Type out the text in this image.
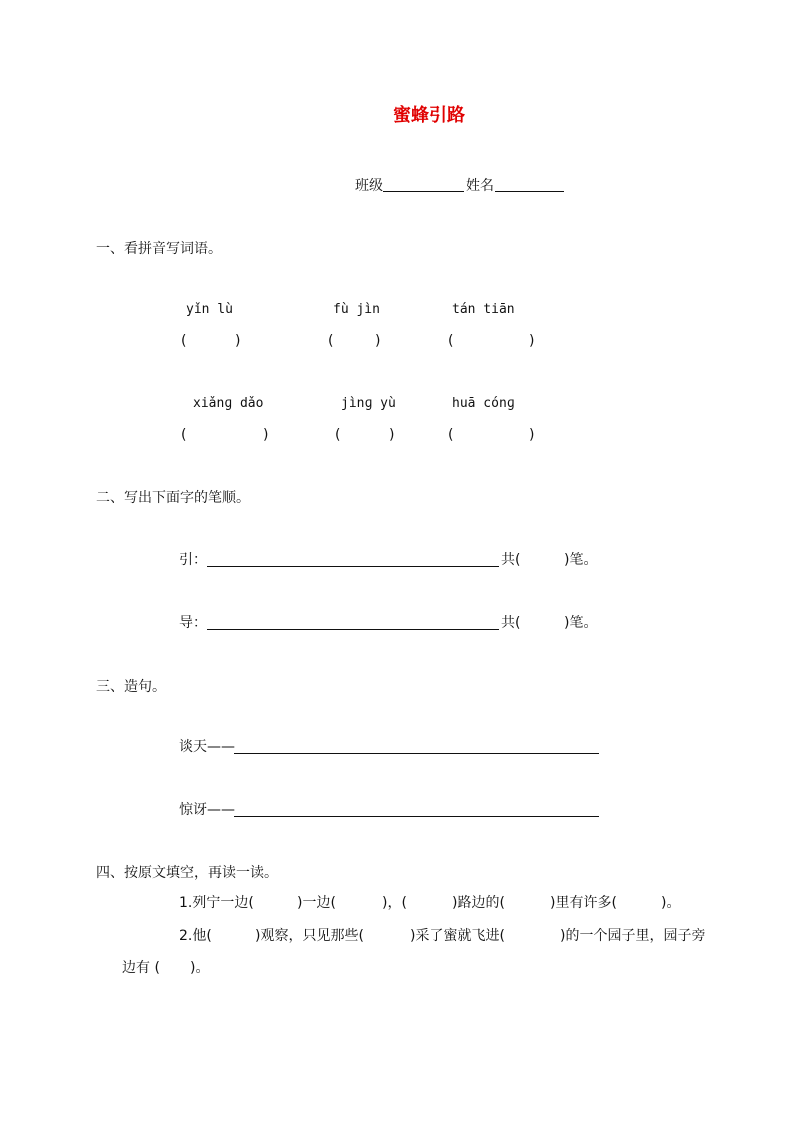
蜜蜂引路
班级	姓名
一、看拼音写词语。
yǐn lù	fù jìn	tán tiān
(	)	(	)	(	)
xiǎnɡ dǎo	jìnɡ yù	huā cónɡ
(	)	(	)	(	)
二、写出下面字的笔顺。
引：	共(	)笔。
导：	共(	)笔。
三、造句。
谈天——
惊讶——
四、按原文填空，再读一读。
1.列宁一边(	)一边(	)，(	)路边的(	)里有许多(	)。
2.他(	)观察，只见那些(	)采了蜜就飞进(	)的一个园子里，园子旁
边有 ( )。
